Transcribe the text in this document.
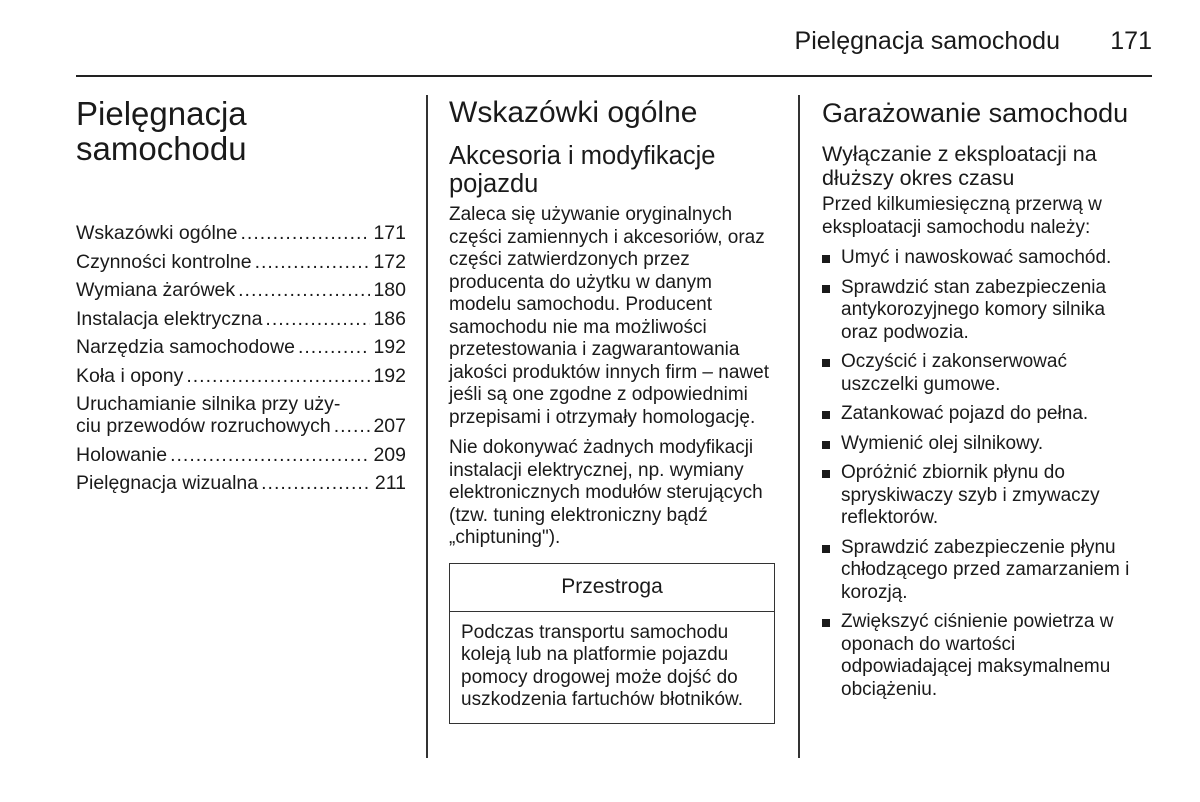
Pielęgnacja samochodu	171
Pielęgnacja
samochodu
Wskazówki ogólne .....	171
Czynności kontrolne .....	172
Wymiana żarówek .....	180
Instalacja elektryczna .....	186
Narzędzia samochodowe .....	192
Koła i opony .....	192
Uruchamianie silnika przy uży-
ciu przewodów rozruchowych ..... 207
Holowanie .....	209
Pielęgnacja wizualna .....	211
Wskazówki ogólne
Akcesoria i modyfikacje
pojazdu

Zaleca się używanie oryginalnych
części zamiennych i akcesoriów, oraz
części zatwierdzonych przez
producenta do użytku w danym
modelu samochodu. Producent
samochodu nie ma możliwości
przetestowania i zagwarantowania
jakości produktów innych firm – nawet
jeśli są one zgodne z odpowiednimi
przepisami i otrzymały homologację.

Nie dokonywać żadnych modyfikacji
instalacji elektrycznej, np. wymiany
elektronicznych modułów sterujących
(tzw. tuning elektroniczny bądź
„chiptuning").

Przestroga
Podczas transportu samochodu
koleją lub na platformie pojazdu
pomocy drogowej może dojść do
uszkodzenia fartuchów błotników.
Garażowanie samochodu
Wyłączanie z eksploatacji na
dłuższy okres czasu

Przed kilkumiesięczną przerwą w
eksploatacji samochodu należy:

Umyć i nawoskować samochód.
Sprawdzić stan zabezpieczenia
antykorozyjnego komory silnika
oraz podwozia.
Oczyścić i zakonserwować
uszczelki gumowe.
Zatankować pojazd do pełna.
Wymienić olej silnikowy.
Opróżnić zbiornik płynu do
spryskiwaczy szyb i zmywaczy
reflektorów.
Sprawdzić zabezpieczenie płynu
chłodzącego przed zamarzaniem i
korozją.
Zwiększyć ciśnienie powietrza w
oponach do wartości
odpowiadającej maksymalnemu
obciążeniu.
